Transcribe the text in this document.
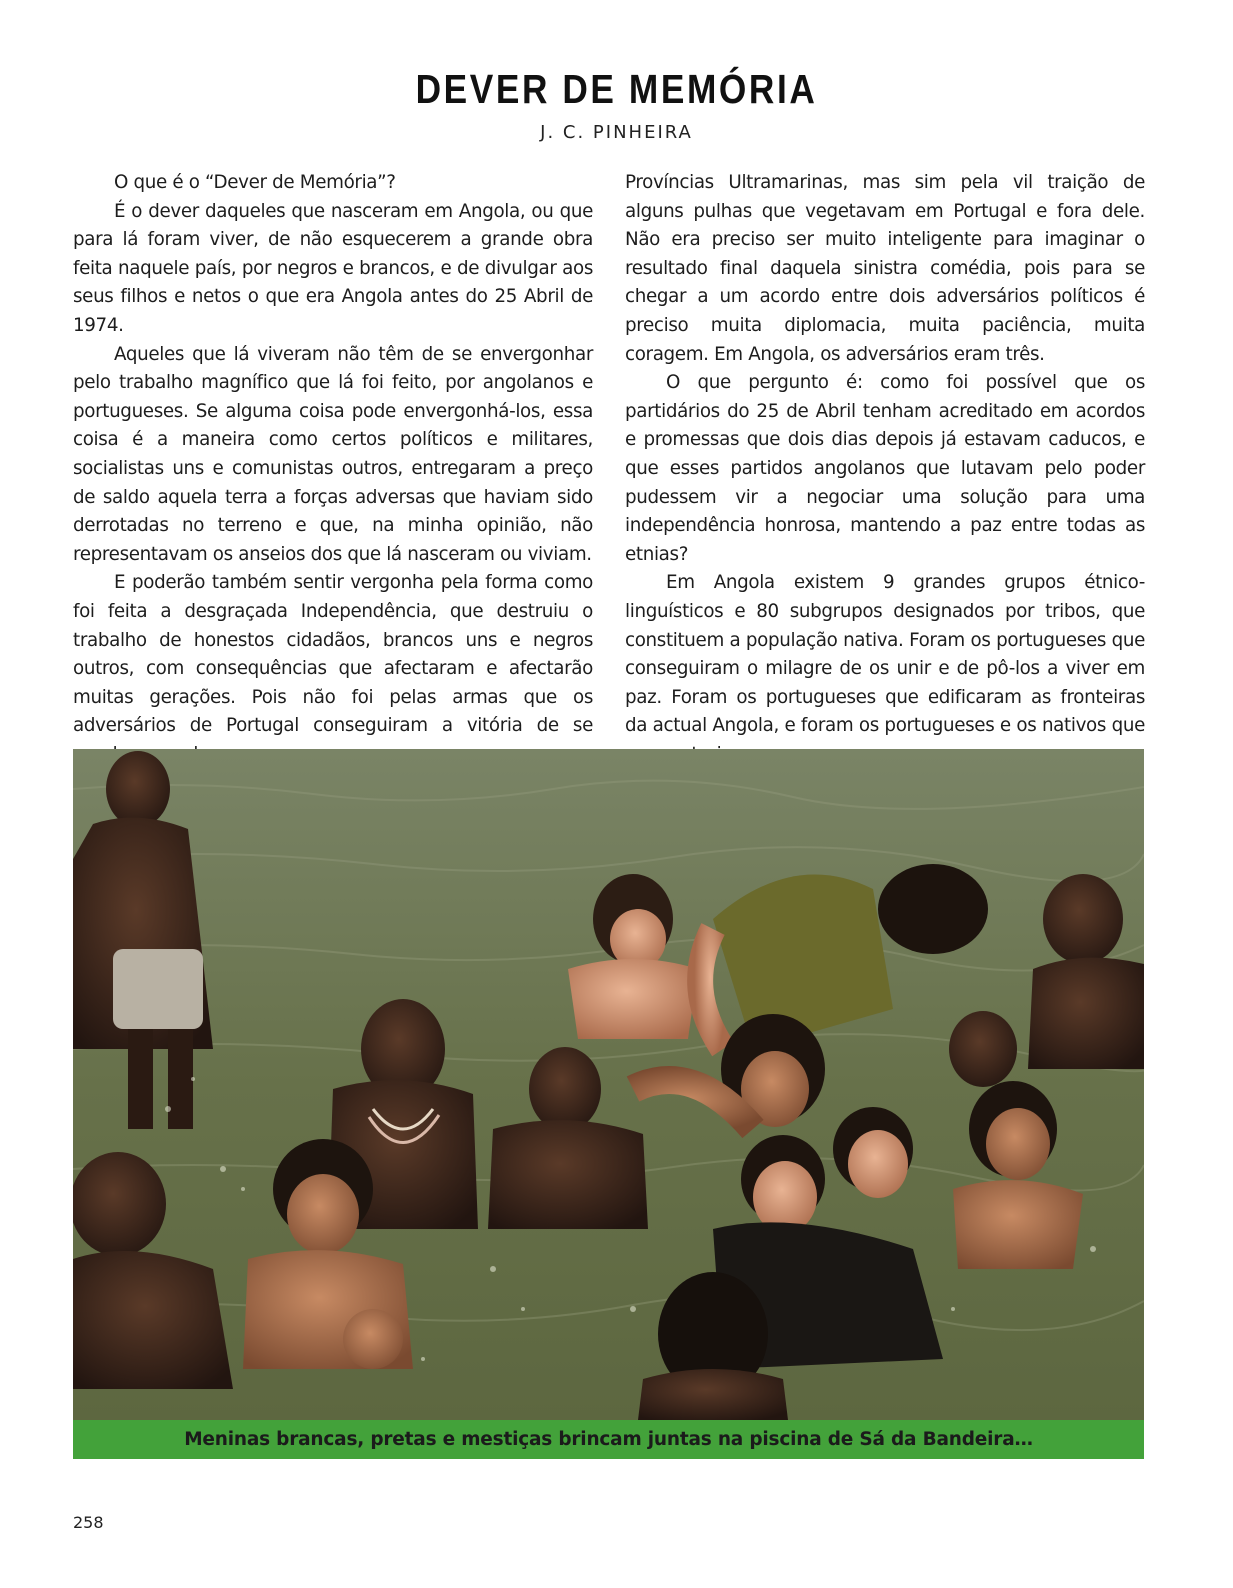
DEVER DE MEMÓRIA
J. C. PINHEIRA

O que é o “Dever de Memória”?

É o dever daqueles que nasceram em Angola, ou que para lá foram viver, de não esquecerem a grande obra feita naquele país, por negros e brancos, e de divulgar aos seus filhos e netos o que era Angola antes do 25 Abril de 1974.

Aqueles que lá viveram não têm de se envergonhar pelo trabalho magnífico que lá foi feito, por angolanos e portugueses. Se alguma coisa pode envergonhá-los, essa coisa é a maneira como certos políticos e militares, socialistas uns e comunistas outros, entregaram a preço de saldo aquela terra a forças adversas que haviam sido derrotadas no terreno e que, na minha opinião, não representavam os anseios dos que lá nasceram ou viviam.

E poderão também sentir vergonha pela forma como foi feita a desgraçada Independência, que destruiu o trabalho de honestos cidadãos, brancos uns e negros outros, com consequências que afectaram e afectarão muitas gerações. Pois não foi pelas armas que os adversários de Portugal conseguiram a vitória de se

Províncias Ultramarinas, mas sim pela vil traição de alguns pulhas que vegetavam em Portugal e fora dele. Não era preciso ser muito inteligente para imaginar o resultado final daquela sinistra comédia, pois para se chegar a um acordo entre dois adversários políticos é preciso muita diplomacia, muita paciência, muita coragem. Em Angola, os adversários eram três.

O que pergunto é: como foi possível que os partidários do 25 de Abril tenham acreditado em acordos e promessas que dois dias depois já estavam caducos, e que esses partidos angolanos que lutavam pelo poder pudessem vir a negociar uma solução para uma independência honrosa, mantendo a paz entre todas as etnias?

Em Angola existem 9 grandes grupos étnico-linguísticos e 80 subgrupos designados por tribos, que constituem a população nativa. Foram os portugueses que conseguiram o milagre de os unir e de pô-los a viver em paz. Foram os portugueses que edificaram as fronteiras da actual Angola, e foram os portugueses e os nativos que

Meninas brancas, pretas e mestiças brincam juntas na piscina de Sá da Bandeira…
258
